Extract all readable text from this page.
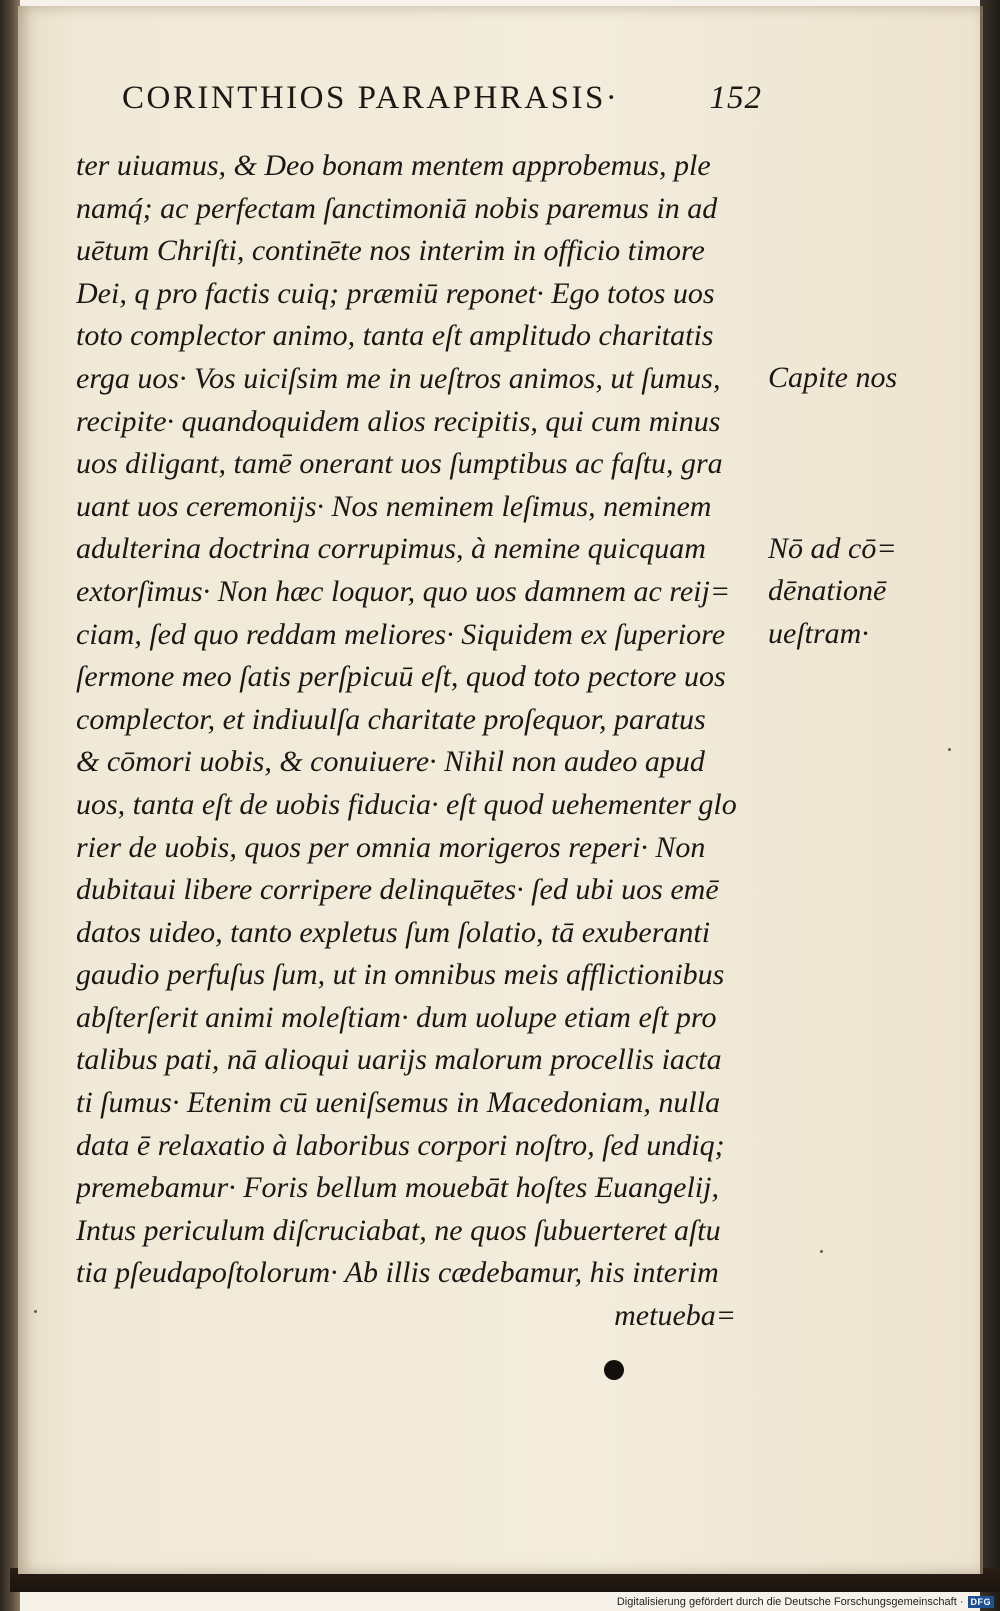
CORINTHIOS PARAPHRASIS·	152
ter uiuamus, & Deo bonam mentem approbemus, ple
namq́; ac perfectam ſanctimoniā nobis paremus in ad
uētum Chriſti, continēte nos interim in officio timore
Dei, q pro factis cuiq; præmiū reponet· Ego totos uos
toto complector animo, tanta eſt amplitudo charitatis
erga uos· Vos uiciſsim me in ueſtros animos, ut ſumus,
recipite· quandoquidem alios recipitis, qui cum minus
uos diligant, tamē onerant uos ſumptibus ac faſtu, gra
uant uos ceremonijs· Nos neminem leſimus, neminem
adulterina doctrina corrupimus, à nemine quicquam
extorſimus· Non hæc loquor, quo uos damnem ac reij=
ciam, ſed quo reddam meliores· Siquidem ex ſuperiore
ſermone meo ſatis perſpicuū eſt, quod toto pectore uos
complector, et indiuulſa charitate proſequor, paratus
& cōmori uobis, & conuiuere· Nihil non audeo apud
uos, tanta eſt de uobis fiducia· eſt quod uehementer glo
rier de uobis, quos per omnia morigeros reperi· Non
dubitaui libere corripere delinquētes· ſed ubi uos emē
datos uideo, tanto expletus ſum ſolatio, tā exuberanti
gaudio perfuſus ſum, ut in omnibus meis afflictionibus
abſterſerit animi moleſtiam· dum uolupe etiam eſt pro
talibus pati, nā alioqui uarijs malorum procellis iacta
ti ſumus· Etenim cū ueniſsemus in Macedoniam, nulla
data ē relaxatio à laboribus corpori noſtro, ſed undiq;
premebamur· Foris bellum mouebāt hoſtes Euangelij,
Intus periculum diſcruciabat, ne quos ſubuerteret aſtu
tia pſeudapoſtolorum· Ab illis cædebamur, his interim
metueba=
Capite nos
Nō ad cō=
dēnationē
ueſtram·
Digitalisierung gefördert durch die Deutsche Forschungsgemeinschaft · DFG
